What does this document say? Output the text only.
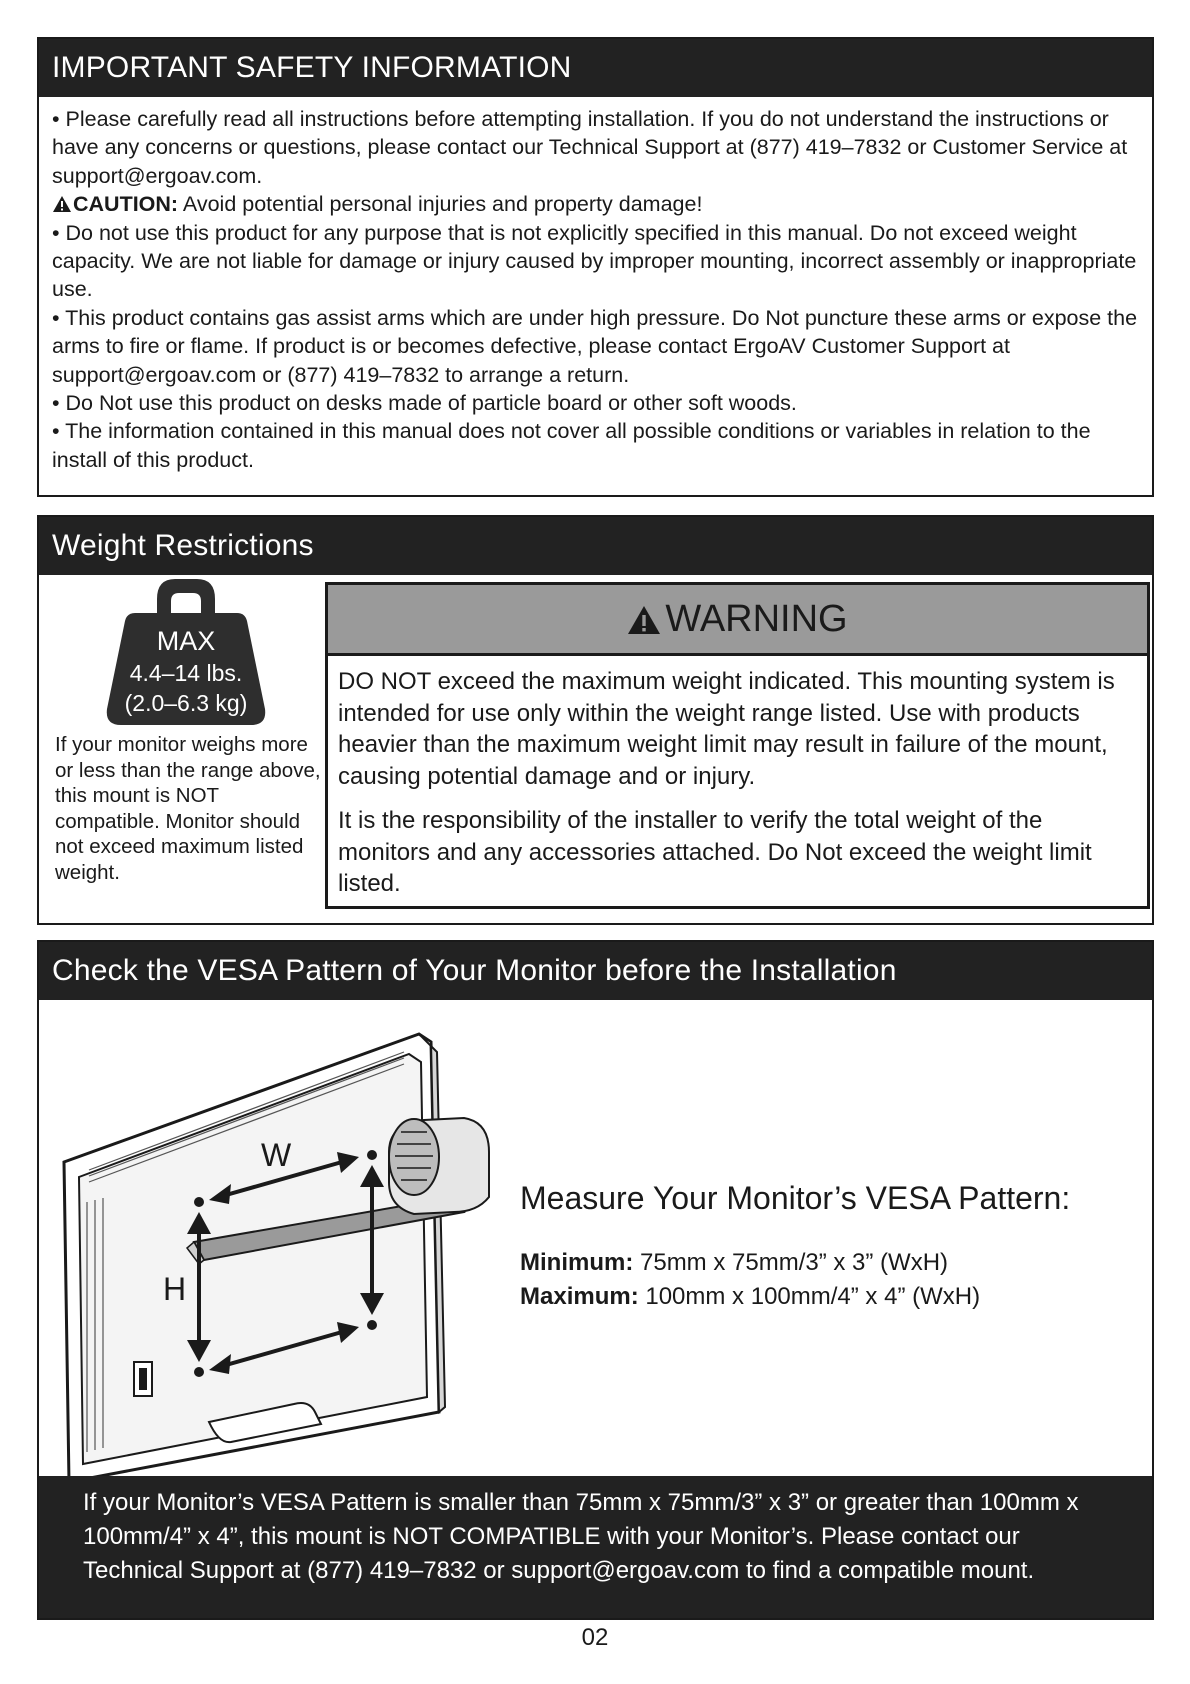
IMPORTANT SAFETY INFORMATION

• Please carefully read all instructions before attempting installation. If you do not understand the instructions or have any concerns or questions, please contact our Technical Support at (877) 419–7832 or Customer Service at support@ergoav.com.

CAUTION: Avoid potential personal injuries and property damage!

• Do not use this product for any purpose that is not explicitly specified in this manual. Do not exceed weight capacity. We are not liable for damage or injury caused by improper mounting, incorrect assembly or inappropriate use.

• This product contains gas assist arms which are under high pressure. Do Not puncture these arms or expose the arms to fire or flame. If product is or becomes defective, please contact ErgoAV Customer Support at support@ergoav.com or (877) 419–7832 to arrange a return.

• Do Not use this product on desks made of particle board or other soft woods.

• The information contained in this manual does not cover all possible conditions or variables in relation to the install of this product.

Weight Restrictions
MAX
4.4–14 lbs.
(2.0–6.3 kg)
If your monitor weighs more or less than the range above, this mount is NOT compatible. Monitor should not exceed maximum listed weight.
WARNING

DO NOT exceed the maximum weight indicated. This mounting system is intended for use only within the weight range listed. Use with products heavier than the maximum weight limit may result in failure of the mount, causing potential damage and or injury.

It is the responsibility of the installer to verify the total weight of the monitors and any accessories attached. Do Not exceed the weight limit listed.

Check the VESA Pattern of Your Monitor before the Installation
W
H
Measure Your Monitor’s VESA Pattern:
Minimum: 75mm x 75mm/3” x 3” (WxH)
Maximum: 100mm x 100mm/4” x 4” (WxH)
If your Monitor’s VESA Pattern is smaller than 75mm x 75mm/3” x 3” or greater than 100mm x 100mm/4” x 4”, this mount is NOT COMPATIBLE with your Monitor’s. Please contact our Technical Support at (877) 419–7832 or support@ergoav.com to find a compatible mount.
02
